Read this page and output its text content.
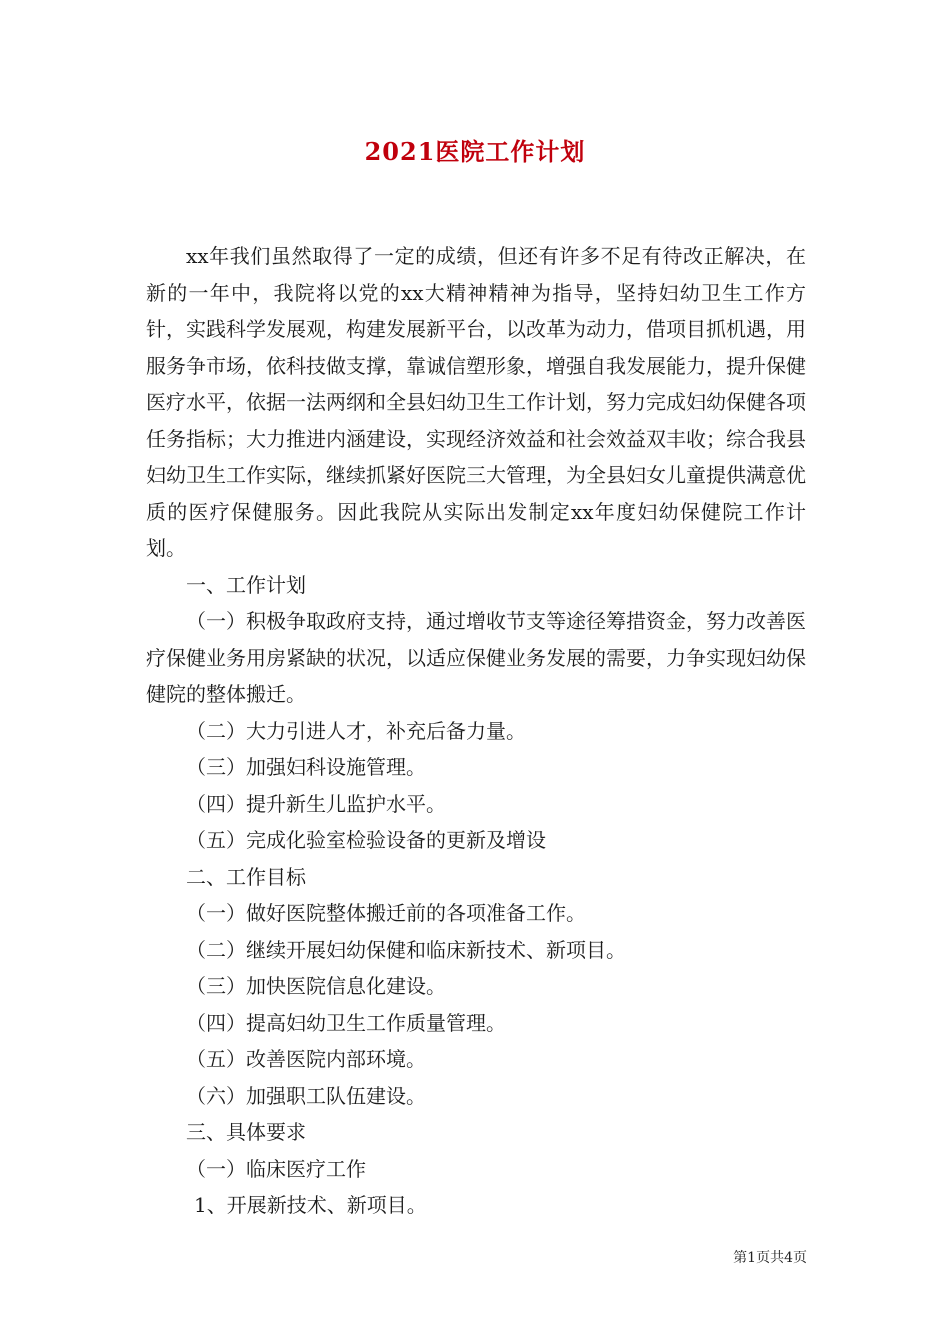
2021医院工作计划

xx年我们虽然取得了一定的成绩，但还有许多不足有待改正解决，在新的一年中，我院将以党的xx大精神精神为指导，坚持妇幼卫生工作方针，实践科学发展观，构建发展新平台，以改革为动力，借项目抓机遇，用服务争市场，依科技做支撑，靠诚信塑形象，增强自我发展能力，提升保健医疗水平，依据一法两纲和全县妇幼卫生工作计划，努力完成妇幼保健各项任务指标；大力推进内涵建设，实现经济效益和社会效益双丰收；综合我县妇幼卫生工作实际，继续抓紧好医院三大管理，为全县妇女儿童提供满意优质的医疗保健服务。因此我院从实际出发制定xx年度妇幼保健院工作计划。

一、工作计划

（一）积极争取政府支持，通过增收节支等途径筹措资金，努力改善医疗保健业务用房紧缺的状况，以适应保健业务发展的需要，力争实现妇幼保健院的整体搬迁。

（二）大力引进人才，补充后备力量。

（三）加强妇科设施管理。

（四）提升新生儿监护水平。

（五）完成化验室检验设备的更新及增设

二、工作目标

（一）做好医院整体搬迁前的各项准备工作。

（二）继续开展妇幼保健和临床新技术、新项目。

（三）加快医院信息化建设。

（四）提高妇幼卫生工作质量管理。

（五）改善医院内部环境。

（六）加强职工队伍建设。

三、具体要求

（一）临床医疗工作

1、开展新技术、新项目。

第1页共4页
